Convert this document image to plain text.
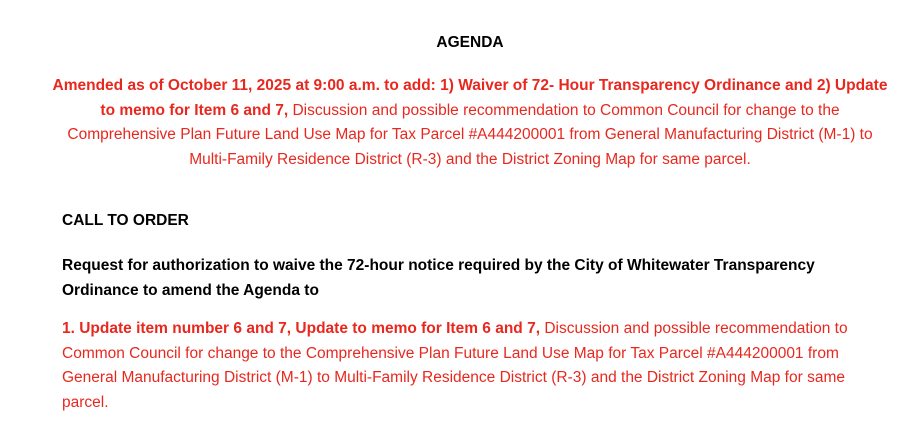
AGENDA
Amended as of October 11, 2025 at 9:00 a.m. to add: 1) Waiver of 72- Hour Transparency Ordinance and 2) Update to memo for Item 6 and 7, Discussion and possible recommendation to Common Council for change to the Comprehensive Plan Future Land Use Map for Tax Parcel #A444200001 from General Manufacturing District (M-1) to Multi-Family Residence District (R-3) and the District Zoning Map for same parcel.
CALL TO ORDER
Request for authorization to waive the 72-hour notice required by the City of Whitewater Transparency Ordinance to amend the Agenda to
1. Update item number 6 and 7, Update to memo for Item 6 and 7, Discussion and possible recommendation to Common Council for change to the Comprehensive Plan Future Land Use Map for Tax Parcel #A444200001 from General Manufacturing District (M-1) to Multi-Family Residence District (R-3) and the District Zoning Map for same parcel.
